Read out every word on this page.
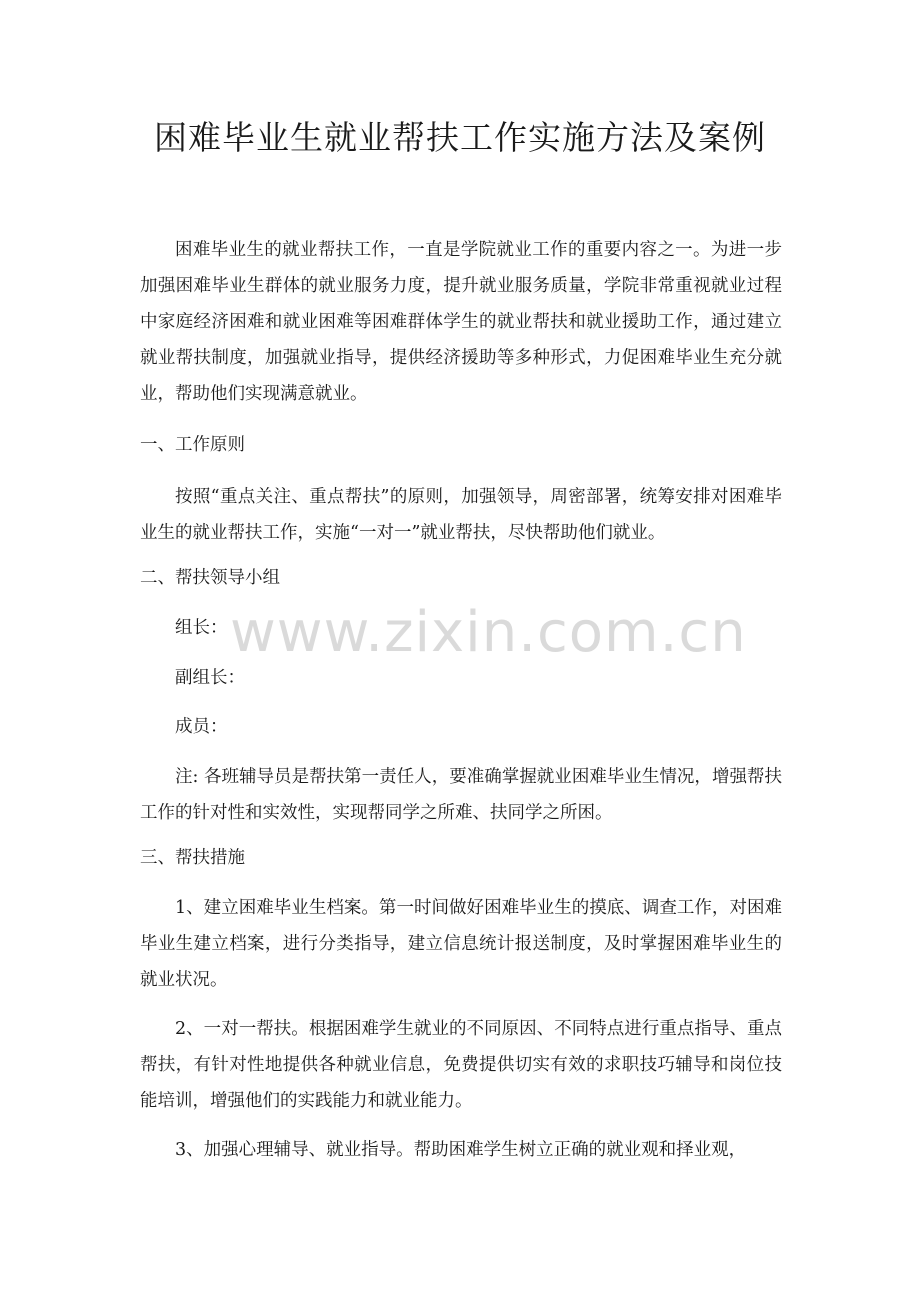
困难毕业生就业帮扶工作实施方法及案例

困难毕业生的就业帮扶工作，一直是学院就业工作的重要内容之一。为进一步加强困难毕业生群体的就业服务力度，提升就业服务质量，学院非常重视就业过程中家庭经济困难和就业困难等困难群体学生的就业帮扶和就业援助工作，通过建立就业帮扶制度，加强就业指导，提供经济援助等多种形式，力促困难毕业生充分就业，帮助他们实现满意就业。

一、工作原则

按照“重点关注、重点帮扶”的原则，加强领导，周密部署，统筹安排对困难毕业生的就业帮扶工作，实施“一对一”就业帮扶，尽快帮助他们就业。

二、帮扶领导小组

组长：

副组长：

成员：

注: 各班辅导员是帮扶第一责任人，要准确掌握就业困难毕业生情况，增强帮扶工作的针对性和实效性，实现帮同学之所难、扶同学之所困。

三、帮扶措施

1、建立困难毕业生档案。第一时间做好困难毕业生的摸底、调查工作，对困难毕业生建立档案，进行分类指导，建立信息统计报送制度，及时掌握困难毕业生的就业状况。

2、一对一帮扶。根据困难学生就业的不同原因、不同特点进行重点指导、重点帮扶，有针对性地提供各种就业信息，免费提供切实有效的求职技巧辅导和岗位技能培训，增强他们的实践能力和就业能力。

3、加强心理辅导、就业指导。帮助困难学生树立正确的就业观和择业观，

www.zixin.com.cn
